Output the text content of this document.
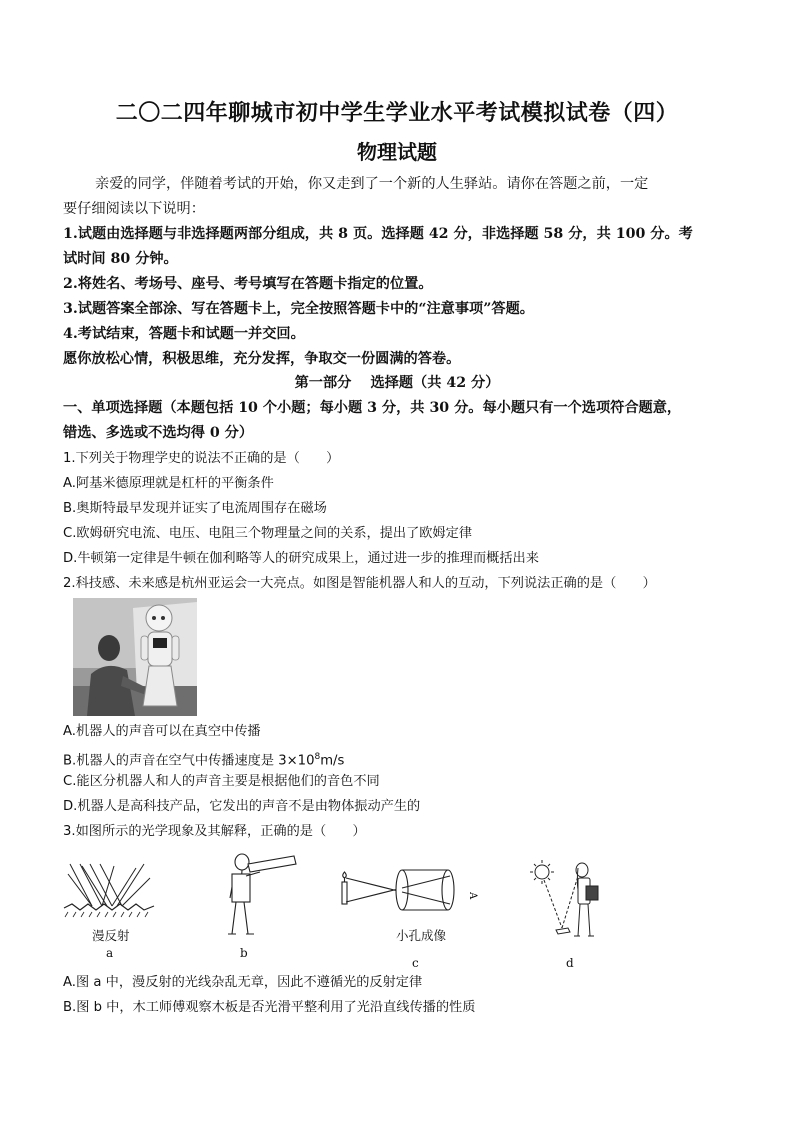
二〇二四年聊城市初中学生学业水平考试模拟试卷（四）
物理试题
亲爱的同学，伴随着考试的开始，你又走到了一个新的人生驿站。请你在答题之前，一定
要仔细阅读以下说明：
1.试题由选择题与非选择题两部分组成，共 8 页。选择题 42 分，非选择题 58 分，共 100 分。考
试时间 80 分钟。
2.将姓名、考场号、座号、考号填写在答题卡指定的位置。
3.试题答案全部涂、写在答题卡上，完全按照答题卡中的“注意事项”答题。
4.考试结束，答题卡和试题一并交回。
愿你放松心情，积极思维，充分发挥，争取交一份圆满的答卷。
第一部分　 选择题（共 42 分）
一、单项选择题（本题包括 10 个小题；每小题 3 分，共 30 分。每小题只有一个选项符合题意，
错选、多选或不选均得 0 分）
1.下列关于物理学史的说法不正确的是（　　）
A.阿基米德原理就是杠杆的平衡条件
B.奥斯特最早发现并证实了电流周围存在磁场
C.欧姆研究电流、电压、电阻三个物理量之间的关系，提出了欧姆定律
D.牛顿第一定律是牛顿在伽利略等人的研究成果上，通过进一步的推理而概括出来
2.科技感、未来感是杭州亚运会一大亮点。如图是智能机器人和人的互动，下列说法正确的是（　　）
A.机器人的声音可以在真空中传播
B.机器人的声音在空气中传播速度是 $3\times 10^8m/s$
C.能区分机器人和人的声音主要是根据他们的音色不同
D.机器人是高科技产品，它发出的声音不是由物体振动产生的
3.如图所示的光学现象及其解释，正确的是（　　）
漫反射
a	b
A
小孔成像
c	d
A.图 a 中，漫反射的光线杂乱无章，因此不遵循光的反射定律
B.图 b 中，木工师傅观察木板是否光滑平整利用了光沿直线传播的性质
